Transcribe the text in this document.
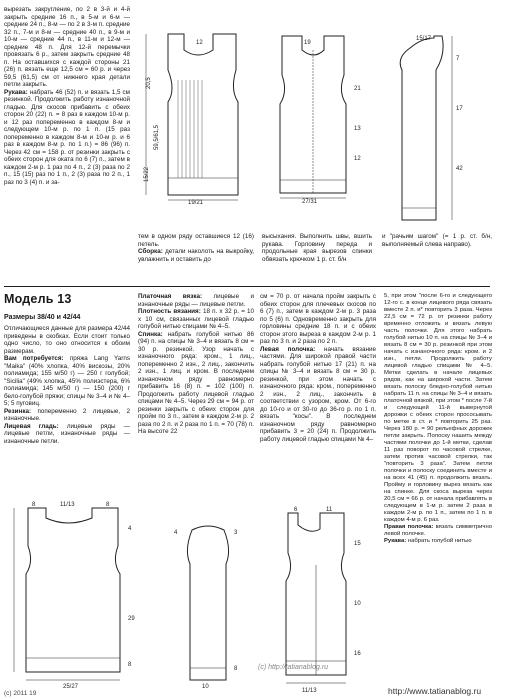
вырезать закругление, по 2 в 3-й и 4-й закрыть средние 16 п., в 5-м и 6-м — средние 24 п., 8-м — по 2 в 3-м п. средние 32 п., 7-м и 8-м — средние 40 п., в 9-м и 10-м — средние 44 п., в 11-м и 12-м — средние 48 п. Для 12-й перемычки провязать 6 р., затем закрыть средние 48 п. На оставшихся с каждой стороны 21 (26) п. вязать еще 12,5 см = 60 р. и через 59,5 (61,5) см от нижнего края детали петли закрыть.

Рукава: набрать 46 (52) п. и вязать 1,5 см резинкой. Продолжить работу изнаночной гладью. Для скосов прибавить с обеих сторон 20 (22) п. = 8 раз в каждом 10-м р. и 12 раз попеременно в каждом 8-м и следующем 10-м р. по 1 п. (15 раз попеременно в каждом 8-м и 10-м р. и 6 раз в каждом 8-м р. по 1 п.) = 86 (96) п. Через 42 см = 158 р. от резинки закрыть с обеих сторон для оката по 6 (7) п., затем в каждом 2-м р. 1 раз по 4 п., 2 (3) раза по 2 п., 15 (15) раз по 1 п., 2 (3) раза по 2 п., 1 раз по 3 (4) п. и за-

19/21
12
20,5
59,5/61,5
15/22
27/31
19
21
13
12
15/17
7
17
42

тем в одном ряду оставшиеся 12 (16) петель.

Сборка: детали наколоть на выкройку, увлажнить и оставить до

высыхания. Выполнить швы, вшить рукава. Горловину переда и продольные края вырезов спинки обвязать крючком 1 р. ст. б/н

и "рачьим шагом" (= 1 р. ст. б/н, выполняемый слева направо).

Модель 13
Размеры 38/40 и 42/44

Отличающиеся данные для размера 42/44 приведены в скобках. Если стоит только одно число, то оно относится к обоим размерам.

Вам потребуется: пряжа Lang Yarns "Maika" (40% хлопка, 40% вискозы, 20% полиамида; 155 м/50 г) — 250 г голубой; "Sicilia" (49% хлопка, 45% полиэстера, 6% полиамида; 145 м/50 г) — 150 (200) г бело-голубой пряжи; спицы № 3–4 и № 4–5; 5 пуговиц.

Резинка: попеременно 2 лицевые, 2 изнаночные.

Лицевая гладь: лицевые ряды — лицевые петли, изнаночные ряды — изнаночные петли.

Платочная вязка: лицевые и изнаночные ряды — лицевые петли.

Плотность вязания: 18 п. x 32 р. = 10 x 10 см, связанных лицевой гладью голубой нитью спицами № 4–5.

Спинка: набрать голубой нитью 86 (94) п. на спицы № 3–4 и вязать 8 см = 30 р. резинкой. Узор начать с изнаночного ряда: кром., 1 лиц., попеременно 2 изн., 2 лиц., закончить 2 изн., 1 лиц. и кром. В последнем изнаночном ряду равномерно прибавить 16 (8) п. = 102 (100) п. Продолжить работу лицевой гладью спицами № 4–5. Через 29 см = 94 р. от резинки закрыть с обеих сторон для пройм по 3 п., затем в каждом 2-м р. 2 раза по 2 п. и 2 раза по 1 п. = 70 (78) п. На высоте 22

см = 70 р. от начала пройм закрыть с обеих сторон для плечевых скосов по 6 (7) п., затем в каждом 2-м р. 3 раза по 5 (6) п. Одновременно закрыть для горловины средние 18 п. и с обеих сторон этого выреза в каждом 2-м р. 1 раз по 3 п. и 2 раза по 2 п.

Левая полочка: начать вязание частями. Для широкой правой части набрать голубой нитью 17 (21) п. на спицы № 3–4 и вязать 8 см = 30 р. резинкой, при этом начать с изнаночного ряда: кром., попеременно 2 изн., 2 лиц., закончить в соответствии с узором, кром. От 6-го до 10-го и от 30-го до 36-го р. по 1 п. вязать "косы". В последнем изнаночном ряду равномерно прибавить 3 = 20 (24) п. Продолжить работу лицевой гладью спицами № 4–

5, при этом "после 6-го и следующего 12-го с. в конце лицевого ряда связать вместе 2 п. и* повторить 3 раза. Через 22,5 см = 72 р. от резинки работу временно отложить и вязать левую часть полочки. Для этого набрать голубой нитью 10 п. на спицы № 3–4 и вязать 8 см = 30 р. резинкой при этом начать с изнаночного ряда: кром. и 2 изн., петли. Продолжить работу лицевой гладью спицами № 4–5. Метки сделать в начале лицевых рядов, как на широкой части. Затем вязать полоску бледно-голубой нитью набрать 11 п. на спицы № 3–4 и вязать платочной вязкой, при этом * после 7-й и следующей 11-й вывернутой дорожки с обеих сторон прососывать по метке в ст. и * повторить 25 раз. Через 180 р. = 90 рельефных дорожек петли закрыть. Полоску нашить между частями полочки до 1-й метки, сделав 11 раз поворот по часовой стрелке, затем против часовой стрелки, так "повторить 3 раза". Затем петли полочки и полоску соединить вместе и на всех 41 (45) п. продолжить вязать. Пройму и горловину вырез вязать как на спинке. Для скоса выреза через 20,5 см = 66 р. от начала прибавлять в следующем в 1-м р. затем 2 раза в каждом 2-м р. по 1 п., затем по 1 п. в каждом 4-м р. 6 раз.

Правая полочка: вязать симметрично левой полочке.

Рукава: набрать голубой нитью

8	11/13	8
4
29
8
25/27
4	3
8
10
6	11
15
10
16
11/13
(c) http://tatianablog.ru
http://www.tatianablog.ru
(c) 2011 19
